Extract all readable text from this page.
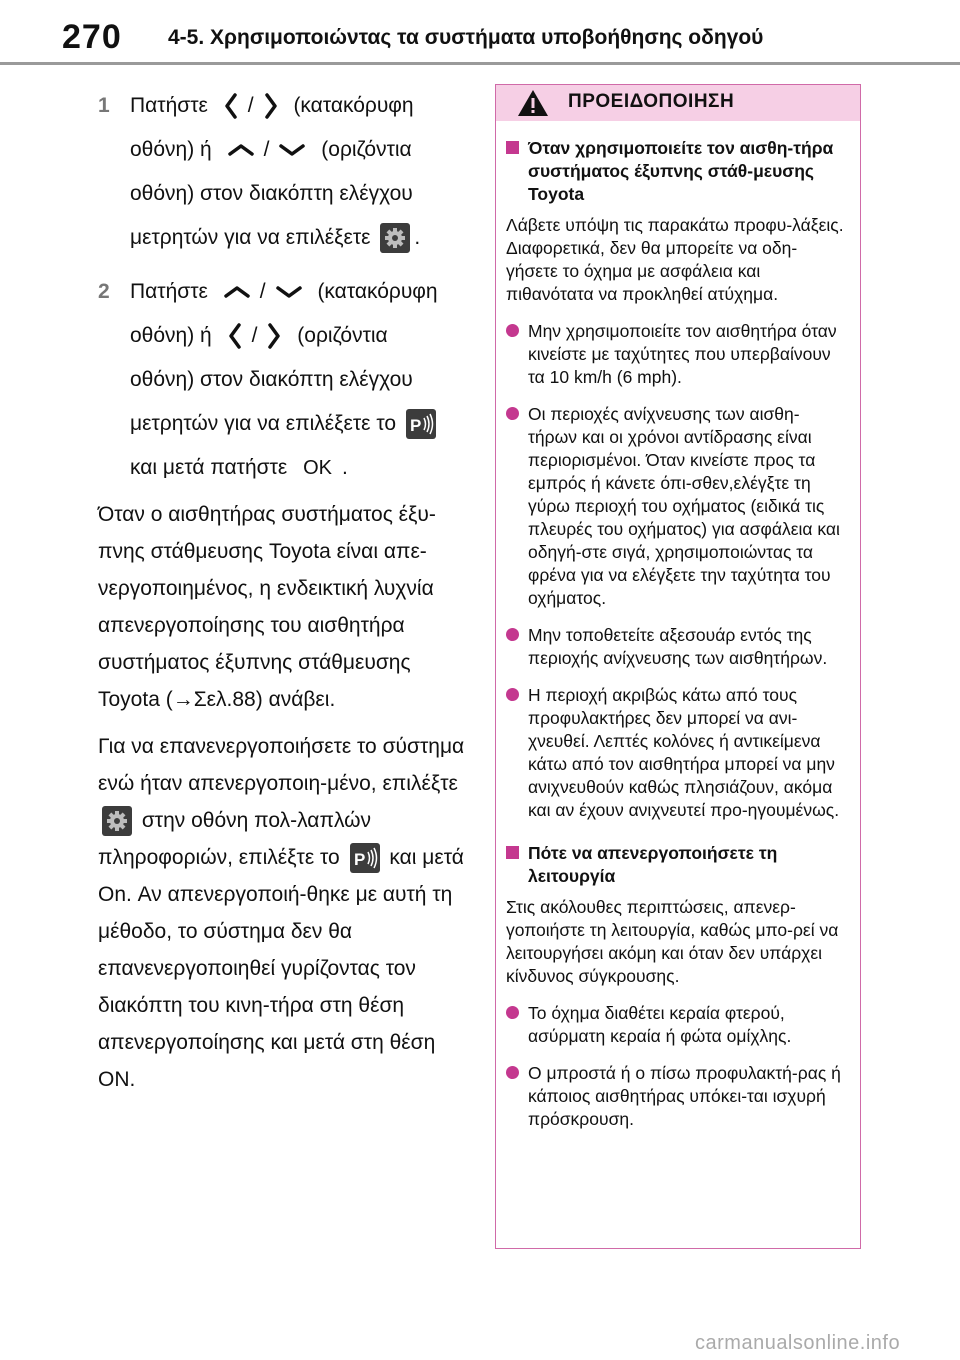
270 4-5. Χρησιμοποιώντας τα συστήματα υποβοήθησης οδηγού
1 Πατήστε / (κατακόρυφη
οθόνη) ή / (οριζόντια
οθόνη) στον διακόπτη ελέγχου
μετρητών για να επιλέξετε .
2 Πατήστε / (κατακόρυφη
οθόνη) ή / (οριζόντια
οθόνη) στον διακόπτη ελέγχου
μετρητών για να επιλέξετε το P
και μετά πατήστε OK .
Όταν ο αισθητήρας συστήματος έξυ-πνης στάθμευσης Toyota είναι απε-νεργοποιημένος, η ενδεικτική λυχνία απενεργοποίησης του αισθητήρα συστήματος έξυπνης στάθμευσης Toyota (→Σελ.88) ανάβει.
Για να επανενεργοποιήσετε το σύστημα ενώ ήταν απενεργοποιη-μένο, επιλέξτε
στην οθόνη πολ-λαπλών πληροφοριών, επιλέξτε το P και μετά On. Αν απενεργοποιή-θηκε με αυτή τη μέθοδο, το σύστημα δεν θα επανενεργοποιηθεί γυρίζοντας τον διακόπτη του κινη-τήρα στη θέση απενεργοποίησης και μετά στη θέση ON.
ΠΡΟΕΙΔΟΠΟΙΗΣΗ
Όταν χρησιμοποιείτε τον αισθη-τήρα συστήματος έξυπνης στάθ-μευσης Toyota
Λάβετε υπόψη τις παρακάτω προφυ-λάξεις. Διαφορετικά, δεν θα μπορείτε να οδη-γήσετε το όχημα με ασφάλεια και πιθανότατα να προκληθεί ατύχημα.
Μην χρησιμοποιείτε τον αισθητήρα όταν κινείστε με ταχύτητες που υπερβαίνουν τα 10 km/h (6 mph).
Οι περιοχές ανίχνευσης των αισθη-τήρων και οι χρόνοι αντίδρασης είναι περιορισμένοι. Όταν κινείστε προς τα εμπρός ή κάνετε όπι-σθεν,ελέγξτε τη γύρω περιοχή του οχήματος (ειδικά τις πλευρές του οχήματος) για ασφάλεια και οδηγή-στε σιγά, χρησιμοποιώντας τα φρένα για να ελέγξετε την ταχύτητα του οχήματος.
Μην τοποθετείτε αξεσουάρ εντός της περιοχής ανίχνευσης των αισθητήρων.
Η περιοχή ακριβώς κάτω από τους προφυλακτήρες δεν μπορεί να ανι-χνευθεί. Λεπτές κολόνες ή αντικείμενα κάτω από τον αισθητήρα μπορεί να μην ανιχνευθούν καθώς πλησιάζουν, ακόμα και αν έχουν ανιχνευτεί προ-ηγουμένως.
Πότε να απενεργοποιήσετε τη λειτουργία
Στις ακόλουθες περιπτώσεις, απενερ-γοποιήστε τη λειτουργία, καθώς μπο-ρεί να λειτουργήσει ακόμη και όταν δεν υπάρχει κίνδυνος σύγκρουσης.
Το όχημα διαθέτει κεραία φτερού, ασύρματη κεραία ή φώτα ομίχλης.
Ο μπροστά ή ο πίσω προφυλακτή-ρας ή κάποιος αισθητήρας υπόκει-ται ισχυρή πρόσκρουση.
carmanualsonline.info
